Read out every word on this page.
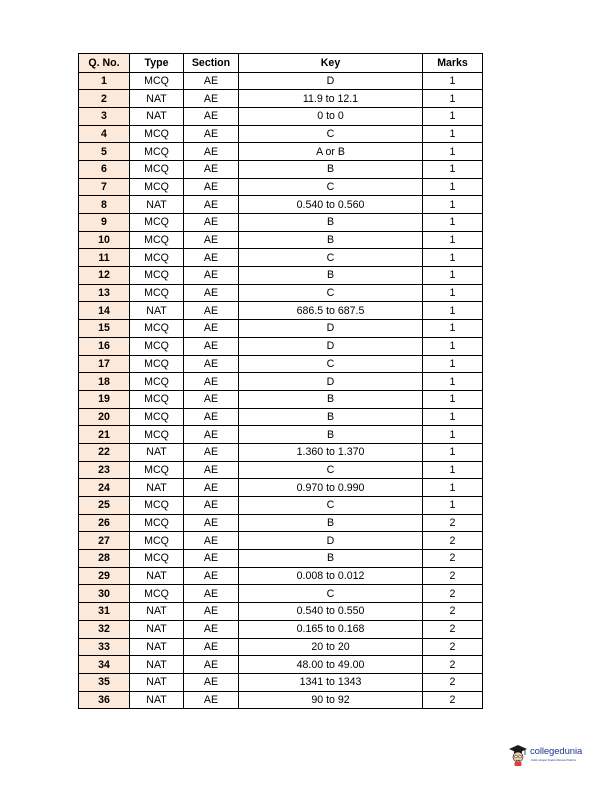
Q. No.	Type	Section	Key	Marks
1	MCQ	AE	D	1
2	NAT	AE	11.9 to 12.1	1
3	NAT	AE	0 to 0	1
4	MCQ	AE	C	1
5	MCQ	AE	A or B	1
6	MCQ	AE	B	1
7	MCQ	AE	C	1
8	NAT	AE	0.540 to 0.560	1
9	MCQ	AE	B	1
10	MCQ	AE	B	1
11	MCQ	AE	C	1
12	MCQ	AE	B	1
13	MCQ	AE	C	1
14	NAT	AE	686.5 to 687.5	1
15	MCQ	AE	D	1
16	MCQ	AE	D	1
17	MCQ	AE	C	1
18	MCQ	AE	D	1
19	MCQ	AE	B	1
20	MCQ	AE	B	1
21	MCQ	AE	B	1
22	NAT	AE	1.360 to 1.370	1
23	MCQ	AE	C	1
24	NAT	AE	0.970 to 0.990	1
25	MCQ	AE	C	1
26	MCQ	AE	B	2
27	MCQ	AE	D	2
28	MCQ	AE	B	2
29	NAT	AE	0.008 to 0.012	2
30	MCQ	AE	C	2
31	NAT	AE	0.540 to 0.550	2
32	NAT	AE	0.165 to 0.168	2
33	NAT	AE	20 to 20	2
34	NAT	AE	48.00 to 49.00	2
35	NAT	AE	1341 to 1343	2
36	NAT	AE	90 to 92	2
collegedunia
India's largest Student Review Platform
